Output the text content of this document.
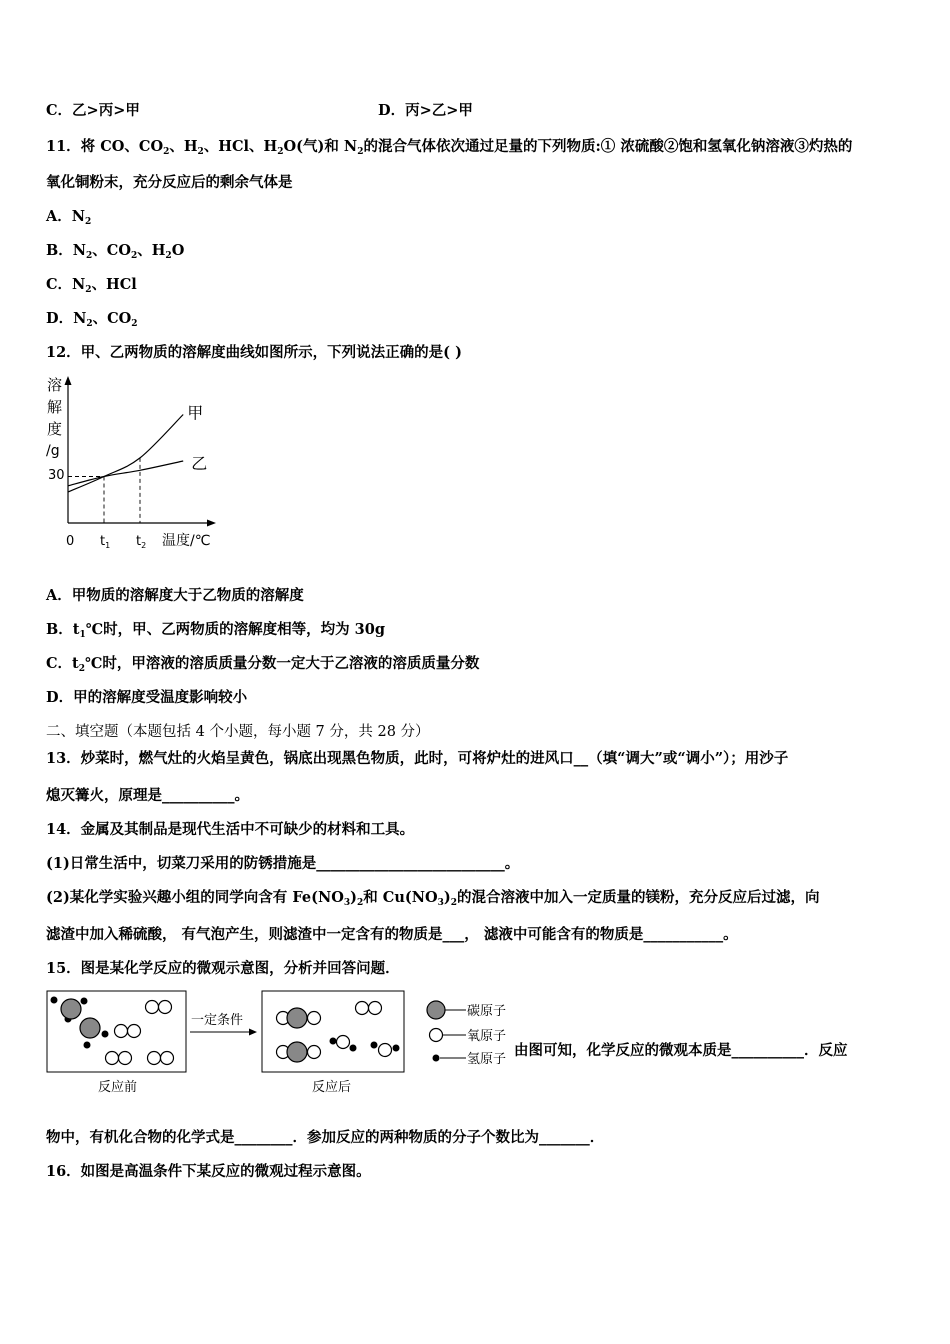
C．乙>丙>甲	D．丙>乙>甲
11．将 CO、$CO_2$、$H_2$、HCl、$H_2O$(气)和 $N_2$的混合气体依次通过足量的下列物质:① 浓硫酸②饱和氢氧化钠溶液③灼热的
氧化铜粉末，充分反应后的剩余气体是
A．$N_2$
B．$N_2$、$CO_2$、$H_2O$
C．$N_2$、HCl
D．$N_2$、$CO_2$
12．甲、乙两物质的溶解度曲线如图所示，下列说法正确的是( )
溶
解
度
/g
30
甲
乙
0 $t_1$ $t_2$ 温度/℃
A．甲物质的溶解度大于乙物质的溶解度
B．$t_1℃$时，甲、乙两物质的溶解度相等，均为 30g
C．$t_2℃$时，甲溶液的溶质质量分数一定大于乙溶液的溶质质量分数
D．甲的溶解度受温度影响较小
二、填空题（本题包括 4 个小题，每小题 7 分，共 28 分）
13．炒菜时，燃气灶的火焰呈黄色，锅底出现黑色物质，此时，可将炉灶的进风口__（填“调大”或“调小”）；用沙子
熄灭篝火，原理是__________。
14．金属及其制品是现代生活中不可缺少的材料和工具。
(1)日常生活中，切菜刀采用的防锈措施是__________________________。
(2)某化学实验兴趣小组的同学向含有 $Fe(NO_3)_2$和 $Cu(NO_3)_2$的混合溶液中加入一定质量的镁粉，充分反应后过滤，向
滤渣中加入稀硫酸， 有气泡产生，则滤渣中一定含有的物质是___， 滤液中可能含有的物质是___________。
15．图是某化学反应的微观示意图，分析并回答问题．
反应前
一定条件
反应后
碳原子
氧原子
氢原子
由图可知，化学反应的微观本质是__________．反应
物中，有机化合物的化学式是________．参加反应的两种物质的分子个数比为_______．
16．如图是高温条件下某反应的微观过程示意图。
